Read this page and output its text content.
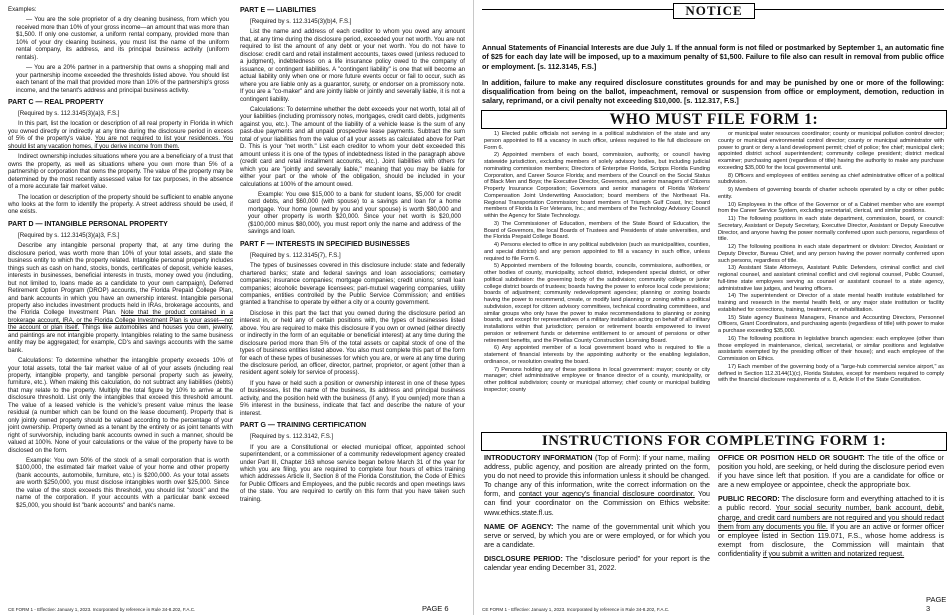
Examples:

— You are the sole proprietor of a dry cleaning business, from which you received more than 10% of your gross income—an amount that was more than $1,500. If only one customer, a uniform rental company, provided more than 10% of your dry cleaning business, you must list the name of the uniform rental company, its address, and its principal business activity (uniform rentals).

— You are a 20% partner in a partnership that owns a shopping mall and your partnership income exceeded the thresholds listed above. You should list each tenant of the mall that provided more than 10% of the partnership's gross income, and the tenant's address and principal business activity.

PART C — REAL PROPERTY

[Required by s. 112.3145(3)(a)3, F.S.]

In this part, list the location or description of all real property in Florida in which you owned directly or indirectly at any time during the disclosure period in excess of 5% of the property's value. You are not required to list your residences. You should list any vacation homes, if you derive income from them.

Indirect ownership includes situations where you are a beneficiary of a trust that owns the property, as well as situations where you own more than 5% of a partnership or corporation that owns the property. The value of the property may be determined by the most recently assessed value for tax purposes, in the absence of a more accurate fair market value.

The location or description of the property should be sufficient to enable anyone who looks at the form to identify the property. A street address should be used, if one exists.

PART D — INTANGIBLE PERSONAL PROPERTY

[Required by s. 112.3145(3)(a)3, F.S.]

Describe any intangible personal property that, at any time during the disclosure period, was worth more than 10% of your total assets, and state the business entity to which the property related. Intangible personal property includes things such as cash on hand, stocks, bonds, certificates of deposit, vehicle leases, interests in businesses, beneficial interests in trusts, money owed you (including, but not limited to, loans made as a candidate to your own campaign), Deferred Retirement Option Program (DROP) accounts, the Florida Prepaid College Plan, and bank accounts in which you have an ownership interest. Intangible personal property also includes investment products held in IRAs, brokerage accounts, and the Florida College Investment Plan. Note that the product contained in a brokerage account, IRA, or the Florida College Investment Plan is your asset—not the account or plan itself. Things like automobiles and houses you own, jewelry, and paintings are not intangible property. Intangibles relating to the same business entity may be aggregated; for example, CD's and savings accounts with the same bank.

Calculations: To determine whether the intangible property exceeds 10% of your total assets, total the fair market value of all of your assets (including real property, intangible property, and tangible personal property such as jewelry, furniture, etc.). When making this calculation, do not subtract any liabilities (debts) that may relate to the property. Multiply the total figure by 10% to arrive at the disclosure threshold. List only the intangibles that exceed this threshold amount. The value of a leased vehicle is the vehicle's present value minus the lease residual (a number which can be found on the lease document). Property that is only jointly owned property should be valued according to the percentage of your joint ownership. Property owned as a tenant by the entirety or as joint tenants with right of survivorship, including bank accounts owned in such a manner, should be valued at 100%. None of your calculations or the value of the property have to be disclosed on the form.

Example: You own 50% of the stock of a small corporation that is worth $100,000, the estimated fair market value of your home and other property (bank accounts, automobile, furniture, etc.) is $200,000. As your total assets are worth $250,000, you must disclose intangibles worth over $25,000. Since the value of the stock exceeds this threshold, you should list "stock" and the name of the corporation. If your accounts with a particular bank exceed $25,000, you should list "bank accounts" and bank's name.

PART E — LIABILITIES

[Required by s. 112.3145(3)(b)4, F.S.]

List the name and address of each creditor to whom you owed any amount that, at any time during the disclosure period, exceeded your net worth. You are not required to list the amount of any debt or your net worth. You do not have to disclose: credit card and retail installment accounts, taxes owed (unless reduced to a judgment), indebtedness on a life insurance policy owed to the company of issuance, or contingent liabilities. A "contingent liability" is one that will become an actual liability only when one or more future events occur or fail to occur, such as where you are liable only as a guarantor, surety, or endorser on a promissory note. If you are a "co-maker" and are jointly liable or jointly and severally liable, it is not a contingent liability.

Calculations: To determine whether the debt exceeds your net worth, total all of your liabilities (including promissory notes, mortgages, credit card debts, judgments against you, etc.). The amount of the liability of a vehicle lease is the sum of any past-due payments and all unpaid prospective lease payments. Subtract the sum total of your liabilities from the value of all your assets as calculated above for Part D. This is your "net worth." List each creditor to whom your debt exceeded this amount unless it is one of the types of indebtedness listed in the paragraph above (credit card and retail installment accounts, etc.). Joint liabilities with others for which you are "jointly and severally liable," meaning that you may be liable for either your part or the whole of the obligation, should be included in your calculations at 100% of the amount owed.

Example: You owe $15,000 to a bank for student loans, $5,000 for credit card debts, and $60,000 (with spouse) to a savings and loan for a home mortgage. Your home (owned by you and your spouse) is worth $80,000 and your other property is worth $20,000. Since your net worth is $20,000 ($100,000 minus $80,000), you must report only the name and address of the savings and loan.

PART F — INTERESTS IN SPECIFIED BUSINESSES

[Required by s. 112.3145(7), F.S.]

The types of businesses covered in this disclosure include: state and federally chartered banks; state and federal savings and loan associations; cemetery companies; insurance companies; mortgage companies; credit unions; small loan companies; alcoholic beverage licensees; pari-mutuel wagering companies, utility companies, entities controlled by the Public Service Commission; and entities granted a franchise to operate by either a city or a county government.

Disclose in this part the fact that you owned during the disclosure period an interest in, or held any of certain positions with, the types of businesses listed above. You are required to make this disclosure if you own or owned (either directly or indirectly in the form of an equitable or beneficial interest) at any time during the disclosure period more than 5% of the total assets or capital stock of one of the types of business entities listed above. You also must complete this part of the form for each of these types of businesses for which you are, or were at any time during the disclosure period, an officer, director, partner, proprietor, or agent (other than a resident agent solely for service of process).

If you have or held such a position or ownership interest in one of these types of businesses, list the name of the business, its address and principal business activity, and the position held with the business (if any). If you own(ed) more than a 5% interest in the business, indicate that fact and describe the nature of your interest.

PART G — TRAINING CERTIFICATION

[Required by s. 112.3142, F.S.]

If you are a Constitutional or elected municipal officer, appointed school superintendent, or a commissioner of a community redevelopment agency created under Part III, Chapter 163 whose service began before March 31 of the year for which you are filing, you are required to complete four hours of ethics training which addresses Article II, Section 8 of the Florida Constitution, the Code of Ethics for Public Officers and Employees, and the public records and open meetings laws of the state. You are required to certify on this form that you have taken such training.

CE FORM 1 - Effective: January 1, 2023. Incorporated by reference in Rule 34-8.202, F.A.C.	PAGE 6
NOTICE

Annual Statements of Financial Interests are due July 1. If the annual form is not filed or postmarked by September 1, an automatic fine of $25 for each day late will be imposed, up to a maximum penalty of $1,500. Failure to file also can result in removal from public office or employment. [s. 112.3145, F.S.]

In addition, failure to make any required disclosure constitutes grounds for and may be punished by one or more of the following: disqualification from being on the ballot, impeachment, removal or suspension from office or employment, demotion, reduction in salary, reprimand, or a civil penalty not exceeding $10,000. [s. 112.317, F.S.]

WHO MUST FILE FORM 1:

1) Elected public officials not serving in a political subdivision of the state and any person appointed to fill a vacancy in such office, unless required to file full disclosure on Form 6.

2) Appointed members of each board, commission, authority, or council having statewide jurisdiction, excluding members of solely advisory bodies, but including judicial nominating commission members; Directors of Enterprise Florida, Scripps Florida Funding Corporation, and Career Source Florida; and members of the Council on the Social Status of Black Men and Boys; the Executive Director, Governors, and senior managers of Citizens Property Insurance Corporation; Governors and senior managers of Florida Workers' Compensation Joint Underwriting Association; board members of the Northeast Fla. Regional Transportation Commission; board members of Triumph Gulf Coast, Inc; board members of Florida Is For Veterans, Inc.; and members of the Technology Advisory Council within the Agency for State Technology.

3) The Commissioner of Education, members of the State Board of Education, the Board of Governors, the local Boards of Trustees and Presidents of state universities, and the Florida Prepaid College Board.

4) Persons elected to office in any political subdivision (such as municipalities, counties, and special districts) and any person appointed to fill a vacancy in such office, unless required to file Form 6.

5) Appointed members of the following boards, councils, commissions, authorities, or other bodies of county, municipality, school district, independent special district, or other political subdivision: the governing body of the subdivision; community college or junior college district boards of trustees; boards having the power to enforce local code provisions; boards of adjustment; community redevelopment agencies; planning or zoning boards having the power to recommend, create, or modify land planning or zoning within a political subdivision, except for citizen advisory committees, technical coordinating committees, and similar groups who only have the power to make recommendations to planning or zoning boards, and except for representatives of a military installation acting on behalf of all military installations within that jurisdiction; pension or retirement boards empowered to invest pension or retirement funds or determine entitlement to or amount of pensions or other retirement benefits, and the Pinellas County Construction Licensing Board.

6) Any appointed member of a local government board who is required to file a statement of financial interests by the appointing authority or the enabling legislation, ordinance, or resolution creating the board.

7) Persons holding any of these positions in local government: mayor; county or city manager; chief administrative employee or finance director of a county, municipality, or other political subdivision; county or municipal attorney; chief county or municipal building inspector; county

or municipal water resources coordinator; county or municipal pollution control director; county or municipal environmental control director; county or municipal administrator with power to grant or deny a land development permit; chief of police; fire chief; municipal clerk; appointed district school superintendent; community college president; district medical examiner; purchasing agent (regardless of title) having the authority to make any purchase exceeding $35,000 for the local governmental unit.

8) Officers and employees of entities serving as chief administrative officer of a political subdivision.

9) Members of governing boards of charter schools operated by a city or other public entity.

10) Employees in the office of the Governor or of a Cabinet member who are exempt from the Career Service System, excluding secretarial, clerical, and similar positions.

11) The following positions in each state department, commission, board, or council: Secretary, Assistant or Deputy Secretary, Executive Director, Assistant or Deputy Executive Director, and anyone having the power normally conferred upon such persons, regardless of title.

12) The following positions in each state department or division: Director, Assistant or Deputy Director, Bureau Chief, and any person having the power normally conferred upon such persons, regardless of title.

13) Assistant State Attorneys, Assistant Public Defenders, criminal conflict and civil regional counsel, and assistant criminal conflict and civil regional counsel, Public Counsel, full-time state employees serving as counsel or assistant counsel to a state agency, administrative law judges, and hearing officers.

14) The superintendent or Director of a state mental health institute established for training and research in the mental health field, or any major state institution or facility established for corrections, training, treatment, or rehabilitation.

15) State agency Business Managers, Finance and Accounting Directors, Personnel Officers, Grant Coordinators, and purchasing agents (regardless of title) with power to make a purchase exceeding $35,000.

16) The following positions in legislative branch agencies: each employee (other than those employed in maintenance, clerical, secretarial, or similar positions and legislative assistants exempted by the presiding officer of their house); and each employee of the Commission on Ethics.

17) Each member of the governing body of a "large-hub commercial service airport," as defined in Section 112.3144(1)(c), Florida Statutes, except for members required to comply with the financial disclosure requirements of s. 8, Article II of the State Constitution.

INSTRUCTIONS FOR COMPLETING FORM 1:

INTRODUCTORY INFORMATION (Top of Form): If your name, mailing address, public agency, and position are already printed on the form, you do not need to provide this information unless it should be changed. To change any of this information, write the correct information on the form, and contact your agency's financial disclosure coordinator. You can find your coordinator on the Commission on Ethics website: www.ethics.state.fl.us.

NAME OF AGENCY: The name of the governmental unit which you serve or served, by which you are or were employed, or for which you are a candidate.

DISCLOSURE PERIOD: The "disclosure period" for your report is the calendar year ending December 31, 2022.

OFFICE OR POSITION HELD OR SOUGHT: The title of the office or position you hold, are seeking, or held during the disclosure period even if you have since left that position. If you are a candidate for office or are a new employee or appointee, check the appropriate box.

PUBLIC RECORD: The disclosure form and everything attached to it is a public record. Your social security number, bank account, debit, charge, and credit card numbers are not required and you should redact them from any documents you file. If you are an active or former officer or employee listed in Section 119.071, F.S., whose home address is exempt from disclosure, the Commission will maintain that confidentiality if you submit a written and notarized request.

CE FORM 1 - Effective: January 1, 2023. Incorporated by reference in Rule 34-8.202, F.A.C.
PAGE 3
